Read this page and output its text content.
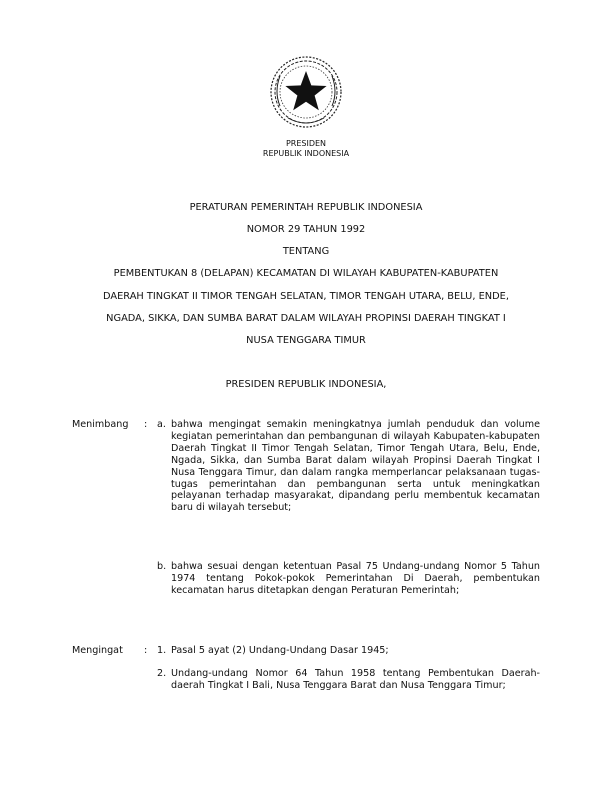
PRESIDEN
REPUBLIK INDONESIA
PERATURAN PEMERINTAH REPUBLIK INDONESIA
NOMOR 29 TAHUN 1992
TENTANG
PEMBENTUKAN 8 (DELAPAN) KECAMATAN DI WILAYAH KABUPATEN-KABUPATEN
DAERAH TINGKAT II TIMOR TENGAH SELATAN, TIMOR TENGAH UTARA, BELU, ENDE,
NGADA, SIKKA, DAN SUMBA BARAT DALAM WILAYAH PROPINSI DAERAH TINGKAT I
NUSA TENGGARA TIMUR
PRESIDEN REPUBLIK INDONESIA,
Menimbang : a. bahwa mengingat semakin meningkatnya jumlah penduduk dan volume kegiatan pemerintahan dan pembangunan di wilayah Kabupaten-kabupaten Daerah Tingkat II Timor Tengah Selatan, Timor Tengah Utara, Belu, Ende, Ngada, Sikka, dan Sumba Barat dalam wilayah Propinsi Daerah Tingkat I Nusa Tenggara Timur, dan dalam rangka memperlancar pelaksanaan tugas-tugas pemerintahan dan pembangunan serta untuk meningkatkan pelayanan terhadap masyarakat, dipandang perlu membentuk kecamatan baru di wilayah tersebut;
b. bahwa sesuai dengan ketentuan Pasal 75 Undang-undang Nomor 5 Tahun 1974 tentang Pokok-pokok Pemerintahan Di Daerah, pembentukan kecamatan harus ditetapkan dengan Peraturan Pemerintah;
Mengingat : 1. Pasal 5 ayat (2) Undang-Undang Dasar 1945;
2. Undang-undang Nomor 64 Tahun 1958 tentang Pembentukan Daerah-daerah Tingkat I Bali, Nusa Tenggara Barat dan Nusa Tenggara Timur;
